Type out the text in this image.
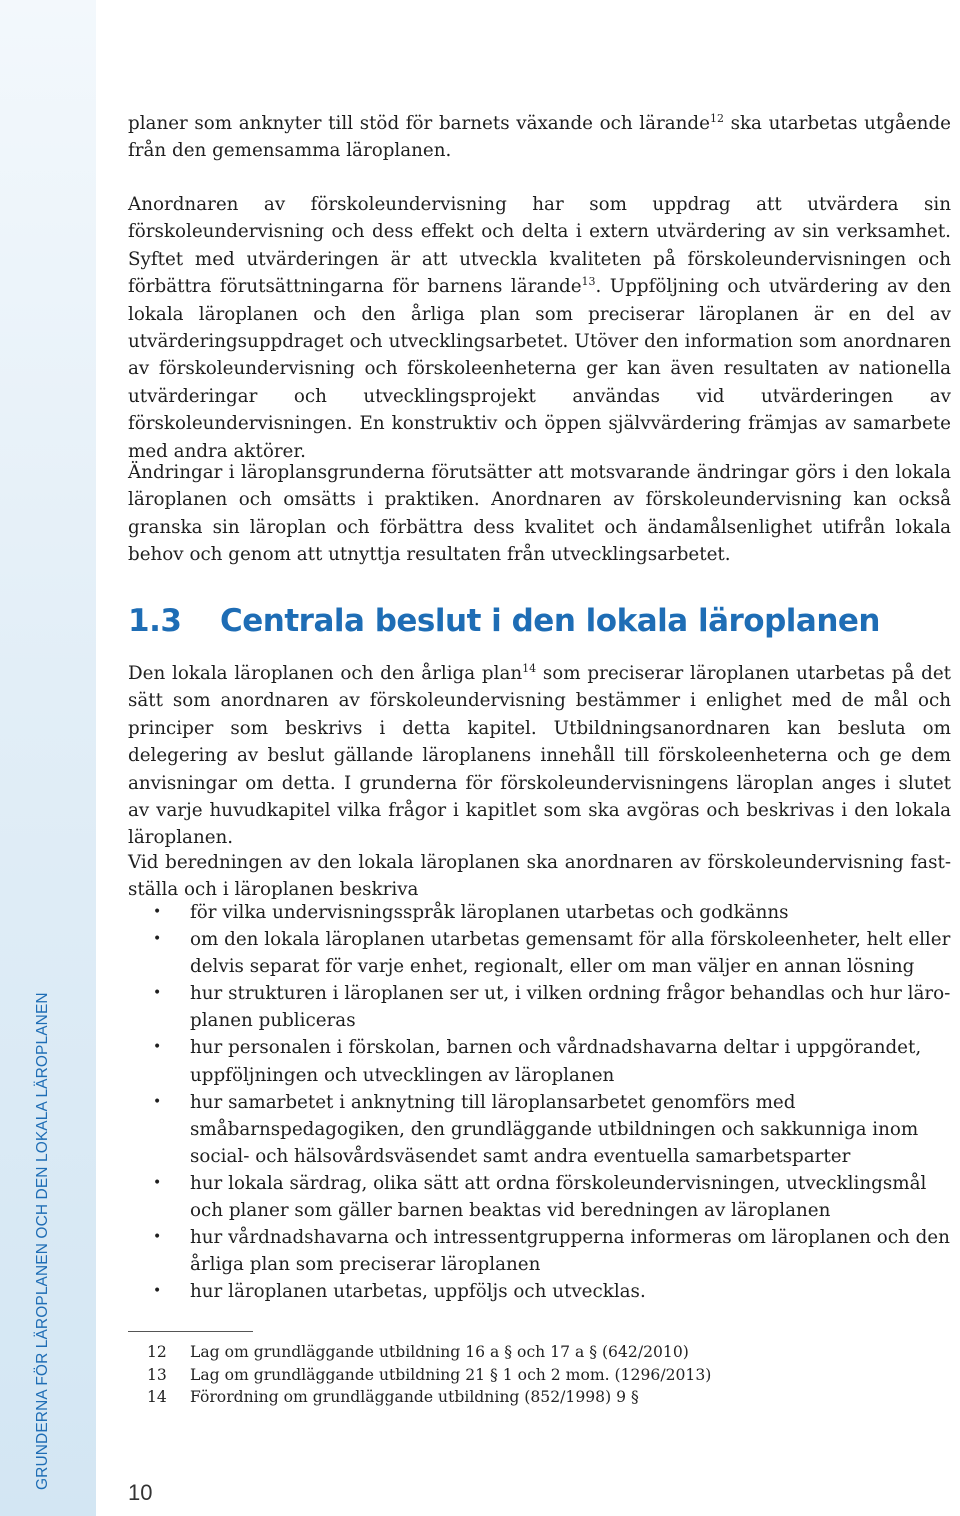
GRUNDERNA FÖR LÄROPLANEN OCH DEN LOKALA LÄROPLANEN
10

planer som anknyter till stöd för barnets växande och lärande$^{12}$ ska utarbetas utgående från den gemensamma läroplanen.

Anordnaren av förskoleundervisning har som uppdrag att utvärdera sin förskoleundervisning och dess effekt och delta i extern utvärdering av sin verksamhet. Syftet med utvärderingen är att utveckla kvaliteten på förskoleundervisningen och förbättra förutsättningarna för barnens lärande$^{13}$. Uppföljning och utvärdering av den lokala läroplanen och den årliga plan som preciserar läroplanen är en del av utvärderingsuppdraget och utvecklingsarbetet. Utöver den information som anordnaren av förskoleundervisning och förskoleenheterna ger kan även resultaten av nationella utvärderingar och utvecklingsprojekt användas vid utvärderingen av förskoleundervisningen. En konstruktiv och öppen självvärdering främjas av samarbete med andra aktörer.

Ändringar i läroplansgrunderna förutsätter att motsvarande ändringar görs i den lokala läroplanen och omsätts i praktiken. Anordnaren av förskoleundervisning kan också granska sin läroplan och förbättra dess kvalitet och ändamålsenlighet utifrån lokala behov och genom att utnyttja resultaten från utvecklingsarbetet.

1.3 Centrala beslut i den lokala läroplanen

Den lokala läroplanen och den årliga plan$^{14}$ som preciserar läroplanen utarbetas på det sätt som anordnaren av förskoleundervisning bestämmer i enlighet med de mål och principer som beskrivs i detta kapitel. Utbildningsanordnaren kan besluta om delegering av beslut gällande läroplanens innehåll till förskoleenheterna och ge dem anvisningar om detta. I grunderna för förskoleundervisningens läroplan anges i slutet av varje huvudkapitel vilka frågor i kapitlet som ska avgöras och beskrivas i den lokala läroplanen.

Vid beredningen av den lokala läroplanen ska anordnaren av förskoleundervisning fastställa och i läroplanen beskriva

• för vilka undervisningsspråk läroplanen utarbetas och godkänns
• om den lokala läroplanen utarbetas gemensamt för alla förskoleenheter, helt eller delvis separat för varje enhet, regionalt, eller om man väljer en annan lösning
• hur strukturen i läroplanen ser ut, i vilken ordning frågor behandlas och hur läroplanen publiceras
• hur personalen i förskolan, barnen och vårdnadshavarna deltar i uppgörandet, uppföljningen och utvecklingen av läroplanen
• hur samarbetet i anknytning till läroplansarbetet genomförs med småbarnspedagogiken, den grundläggande utbildningen och sakkunniga inom social- och hälsovårdsväsendet samt andra eventuella samarbetsparter
• hur lokala särdrag, olika sätt att ordna förskoleundervisningen, utvecklingsmål och planer som gäller barnen beaktas vid beredningen av läroplanen
• hur vårdnadshavarna och intressentgrupperna informeras om läroplanen och den årliga plan som preciserar läroplanen
• hur läroplanen utarbetas, uppföljs och utvecklas.
12 Lag om grundläggande utbildning 16 a § och 17 a § (642/2010)
13 Lag om grundläggande utbildning 21 § 1 och 2 mom. (1296/2013)
14 Förordning om grundläggande utbildning (852/1998) 9 §
